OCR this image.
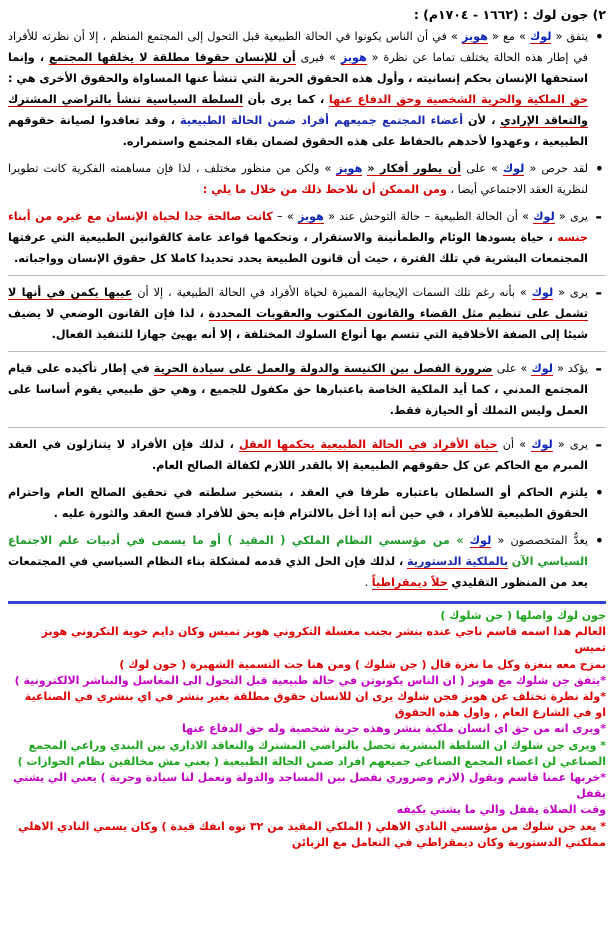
٢) جون لوك : (١٦٦٢ - ١٧٠٤م) :
• يتفق « لوك » مع « هوبز » في أن الناس يكونوا في الحالة الطبيعية قبل التحول إلى المجتمع المنظم ، إلا أن نظرته للأفراد في إطار هذه الحالة يختلف تماما عن نظرة « هوبز » فيرى أن للإنسان حقوقا مطلقة لا يخلقها المجتمع ، وإنما استحقها الإنسان بحكم إنسانيته ، وأول هذه الحقوق الحرية التي تنشأ عنها المساواة والحقوق الأخرى هي : حق الملكية والحرية الشخصية وحق الدفاع عنها ، كما يرى بأن السلطة السياسية تنشأ بالتراضي المشترك والتعاقد الإرادي ، لأن أعضاء المجتمع جميعهم أفراد ضمن الحالة الطبيعية ، وقد تعاقدوا لصيانة حقوقهم الطبيعية ، وعهدوا لأحدهم بالحفاظ على هذه الحقوق لضمان بقاء المجتمع واستمراره.
• لقد حرص « لوك » على أن يطور أفكار « هوبز » ولكن من منظور مختلف ، لذا فإن مساهمته الفكرية كانت تطويرا لنظرية العقد الاجتماعي أيضا ، ومن الممكن أن نلاحظ ذلك من خلال ما يلي :
- يرى « لوك » أن الحالة الطبيعية – حالة التوحش عند « هوبز » – كانت صالحة جدا لحياة الإنسان مع غيره من أبناء جنسه ، حياة يسودها الوئام والطمأنينة والاستقرار ، وتحكمها قواعد عامة كالقوانين الطبيعية التي عرفتها المجتمعات البشرية في تلك الفترة ، حيث أن قانون الطبيعة يحدد تحديدا كاملا كل حقوق الإنسان وواجباته.
- يرى « لوك » بأنه رغم تلك السمات الإيجابية المميزة لحياة الأفراد في الحالة الطبيعية ، إلا أن عيبها يكمن في أنها لا تشمل على تنظيم مثل القضاء والقانون المكتوب والعقوبات المحددة ، لذا فإن القانون الوضعي لا يضيف شيئا إلى الصفة الأخلاقية التي تتسم بها أنواع السلوك المختلفة ، إلا أنه يهيئ جهازا للتنفيذ الفعال.
- يؤكد « لوك » على ضرورة الفصل بين الكنيسة والدولة والعمل على سيادة الحرية في إطار تأكيده على قيام المجتمع المدني ، كما أيد الملكية الخاصة باعتبارها حق مكفول للجميع ، وهي حق طبيعي يقوم أساسا على العمل وليس التملك أو الحيازة فقط.
- يرى « لوك » أن حياة الأفراد في الحالة الطبيعية يحكمها العقل ، لذلك فإن الأفراد لا يتنازلون في العقد المبرم مع الحاكم عن كل حقوقهم الطبيعية إلا بالقدر اللازم لكفالة الصالح العام.
• يلتزم الحاكم أو السلطان باعتباره طرفا في العقد ، بتسخير سلطته في تحقيق الصالح العام واحترام الحقوق الطبيعية للأفراد ، في حين أنه إذا أخل بالالتزام فإنه يحق للأفراد فسخ العقد والثورة عليه .
• يعدُّ المتخصصون « لوك » من مؤسسي النظام الملكي ( المقيد ) أو ما يسمى في أدبيات علم الاجتماع السياسي الآن بالملكية الدستورية ، لذلك فإن الحل الذي قدمه لمشكلة بناء النظام السياسي في المجتمعات يعد من المنظور التقليدي حلاً ديمقراطياً .
جون لوك واصلها ( جن شلوك )
العالم هذا اسمه قاسم ناجي عنده بنشر بجنب مغسلة التكروني هوبز تميس وكان دايم خوية التكروني هوبز تميس
بمزح معه بنغزة وكل ما نغزة قال ( جن شلوك ) ومن هنا جت التسمية الشهيرة ( جون لوك )
*يتفق جن شلوك مع هوبز ( ان الناس يكونوتن في حالة طبيعية قبل التحول الى المغاسل والبناشر الالكترونية )
*ولة نظرة تختلف عن هوبز فجن شلوك يرى ان للانسان حقوق مطلقة يغير بنشر في اي بنشري في الصناعية
او في الشارع العام , واول هذه الحقوق
*ويرى انه من حق اي انسان ملكية بنشر وهذه حرية شخصية وله حق الدفاع عنها
* ويرى جن شلوك ان السلطة البنشرية تحصل بالتراضي المشترك والتعاقد الاداري بين البندي وراعي المجمع
الصناعي لن اعضاء المجمع الصناعي جميعهم افراد ضمن الحالة الطبيعية ( يعني مش مخالفين نظام الجوازات )
*خربها عمنا قاسم ويقول (لازم وضروري نفصل بين المساجد والدولة ونعمل لنا سيادة وحرية ) يعني الي يشتي يقفل
وقت الصلاة يقفل والي ما يشتي يكيفه
* يعد جن شلوك من مؤسسي النادي الاهلي ( الملكي المقيد من ٣٢ توه انفك قيدة ) وكان يسمي النادي الاهلي
مملكتي الدستورية وكان ديمقراطي في التعامل مع الزبائن
